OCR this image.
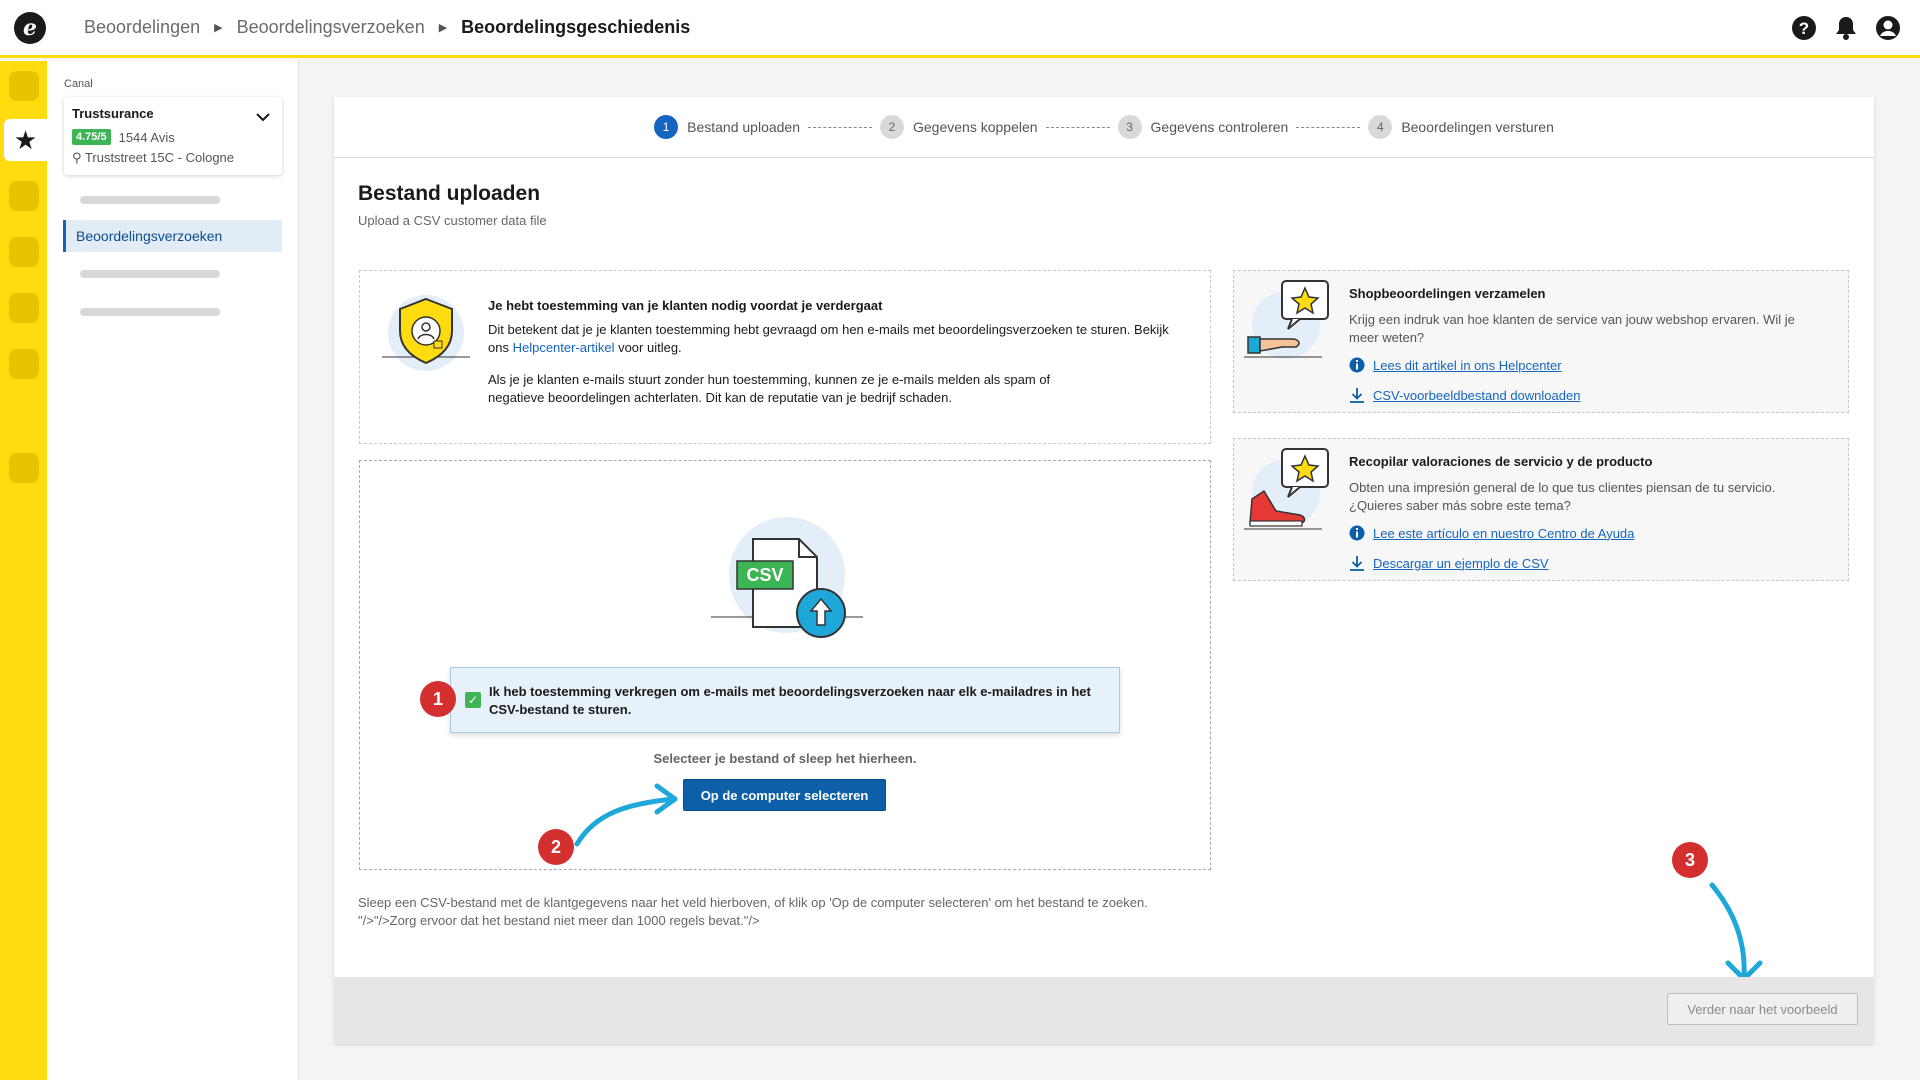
e	Beoordelingen ▶ Beoordelingsverzoeken ▶ Beoordelingsgeschiedenis	?
★
Canal
Trustsurance
4.75/5 1544 Avis
⚲ Truststreet 15C - Cologne
Beoordelingsverzoeken
1	Bestand uploaden	2	Gegevens koppelen	3	Gegevens controleren	4	Beoordelingen versturen
Bestand uploaden
Upload a CSV customer data file
Je hebt toestemming van je klanten nodig voordat je verdergaat

Dit betekent dat je je klanten toestemming hebt gevraagd om hen e-mails met beoordelingsverzoeken te sturen. Bekijk ons Helpcenter-artikel voor uitleg.

Als je je klanten e-mails stuurt zonder hun toestemming, kunnen ze je e-mails melden als spam of negatieve beoordelingen achterlaten. Dit kan de reputatie van je bedrijf schaden.

CSV
✓
Ik heb toestemming verkregen om e-mails met beoordelingsverzoeken naar elk e-mailadres in het CSV-bestand te sturen.
1
Selecteer je bestand of sleep het hierheen.
Op de computer selecteren
2
Sleep een CSV-bestand met de klantgegevens naar het veld hierboven, of klik op 'Op de computer selecteren' om het bestand te zoeken.
"/>"/>Zorg ervoor dat het bestand niet meer dan 1000 regels bevat."/>
Shopbeoordelingen verzamelen
Krijg een indruk van hoe klanten de service van jouw webshop ervaren. Wil je meer weten?
Lees dit artikel in ons Helpcenter
CSV-voorbeeldbestand downloaden
Recopilar valoraciones de servicio y de producto
Obten una impresión general de lo que tus clientes piensan de tu servicio. ¿Quieres saber más sobre este tema?
Lee este artículo en nuestro Centro de Ayuda
Descargar un ejemplo de CSV
3
Verder naar het voorbeeld
